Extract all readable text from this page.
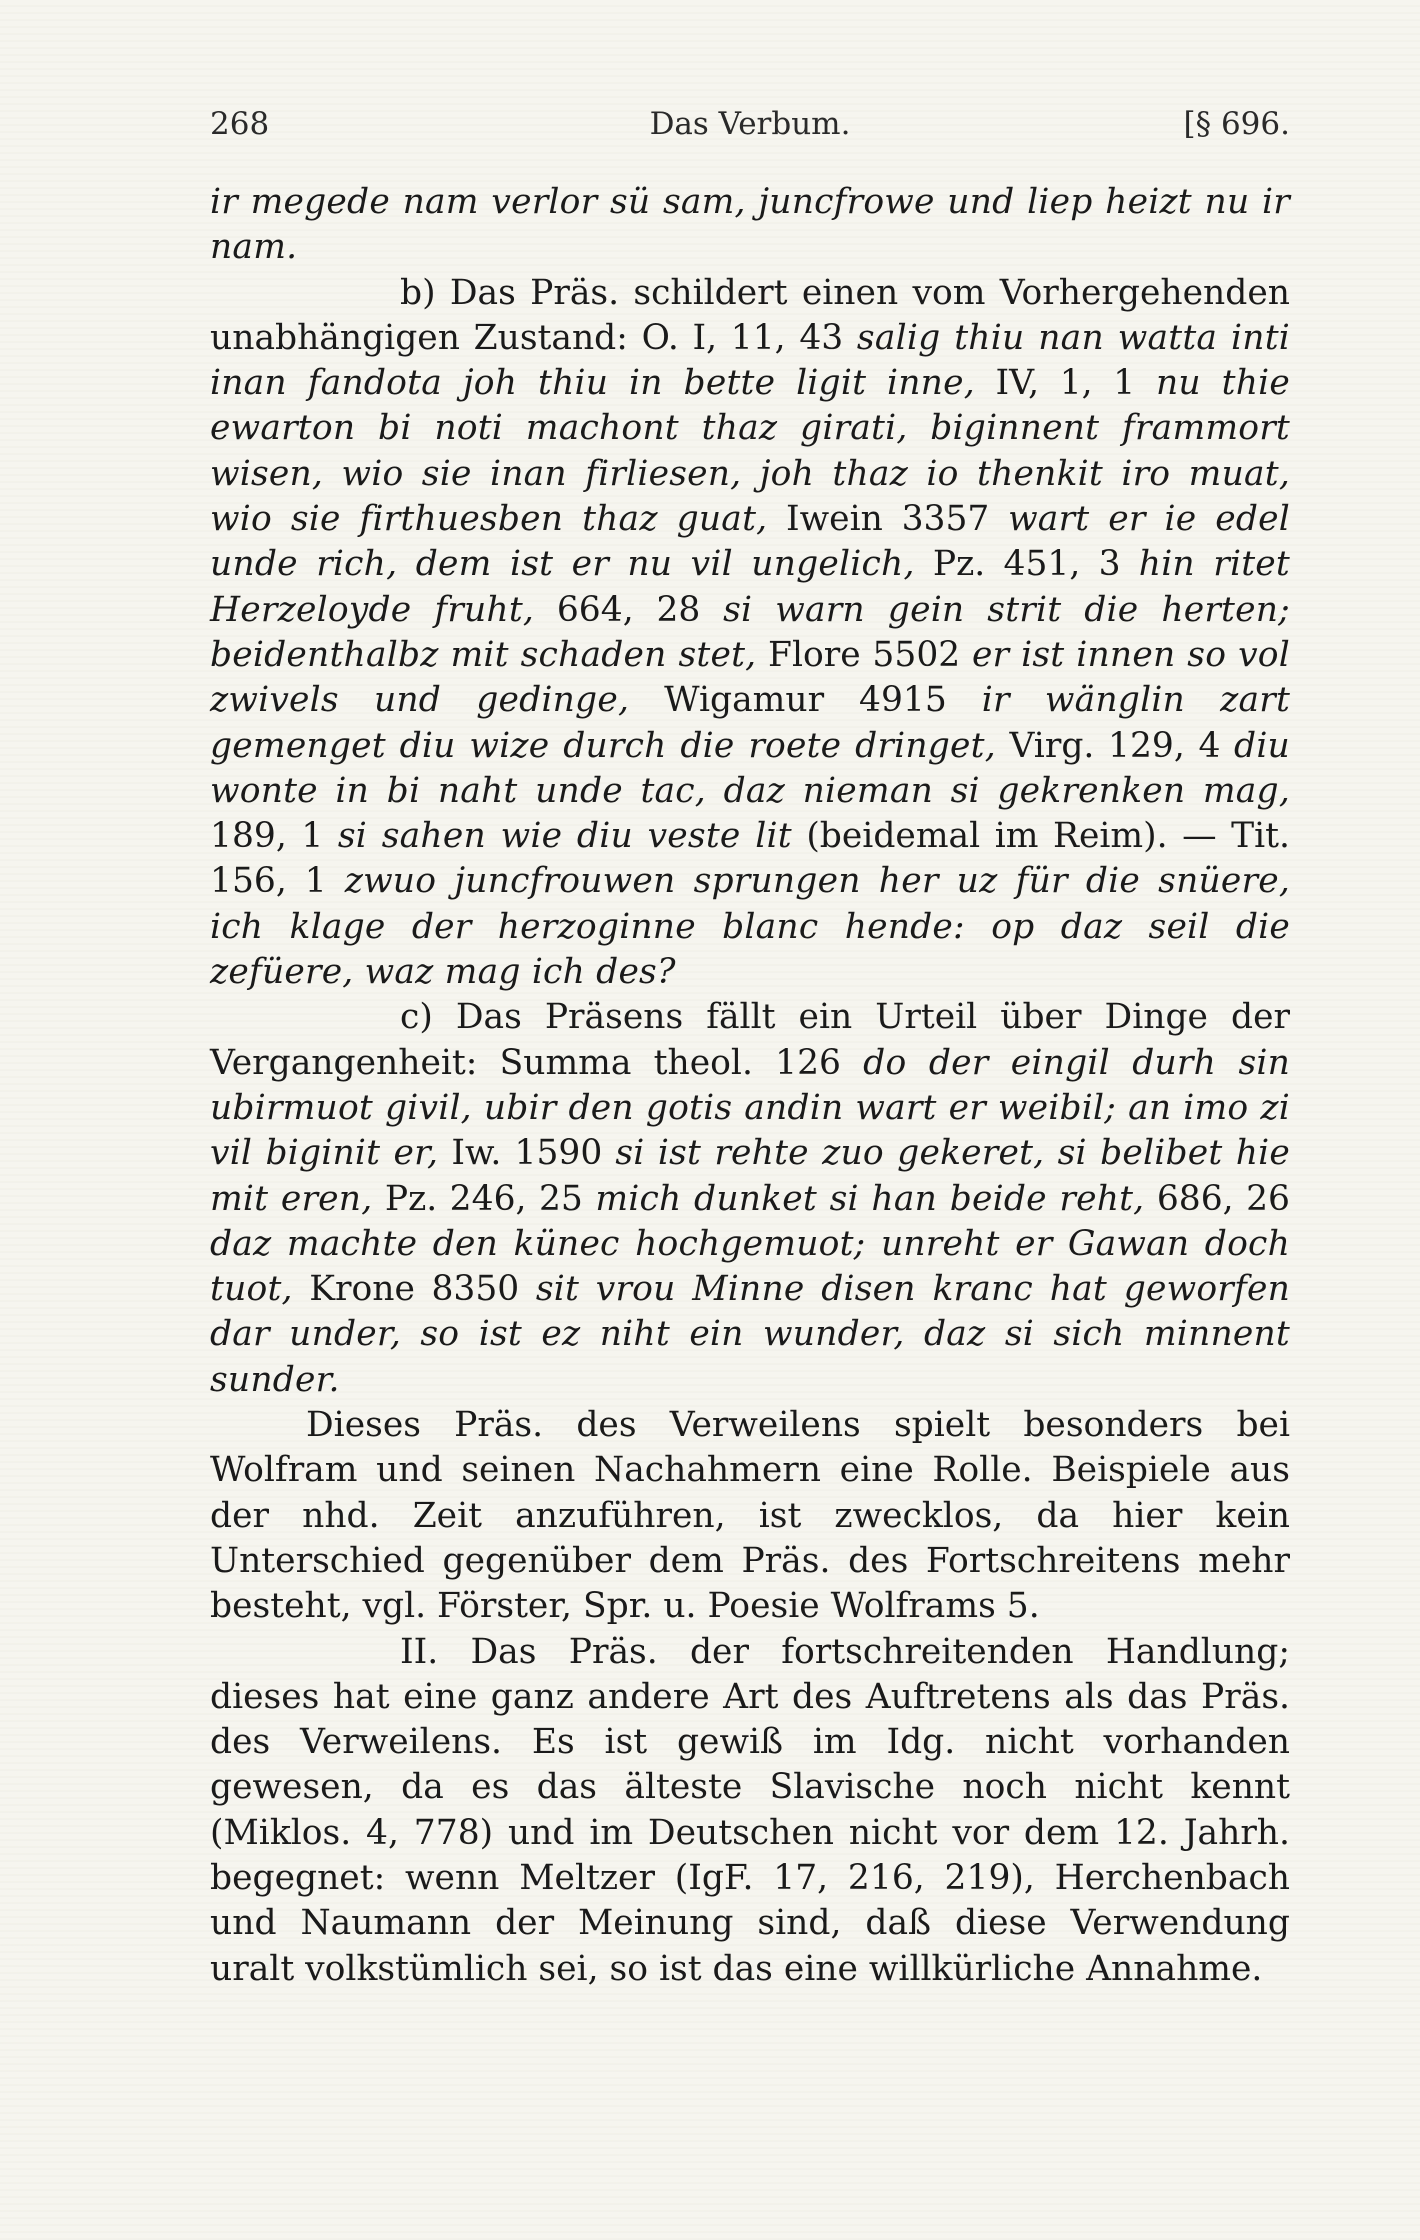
268	Das Verbum.	[§ 696.

ir megede nam verlor sü sam, juncfrowe und liep heizt nu ir nam.

b) Das Präs. schildert einen vom Vorhergehenden unabhängigen Zustand: O. I, 11, 43 salig thiu nan watta inti inan fandota joh thiu in bette ligit inne, IV, 1, 1 nu thie ewarton bi noti machont thaz girati, biginnent frammort wisen, wio sie inan firliesen, joh thaz io thenkit iro muat, wio sie firthuesben thaz guat, Iwein 3357 wart er ie edel unde rich, dem ist er nu vil ungelich, Pz. 451, 3 hin ritet Herzeloyde fruht, 664, 28 si warn gein strit die herten; beidenthalbz mit schaden stet, Flore 5502 er ist innen so vol zwivels und gedinge, Wigamur 4915 ir wänglin zart gemenget diu wize durch die roete dringet, Virg. 129, 4 diu wonte in bi naht unde tac, daz nieman si gekrenken mag, 189, 1 si sahen wie diu veste lit (beidemal im Reim). — Tit. 156, 1 zwuo juncfrouwen sprungen her uz für die snüere, ich klage der herzoginne blanc hende: op daz seil die zefüere, waz mag ich des?

c) Das Präsens fällt ein Urteil über Dinge der Vergangenheit: Summa theol. 126 do der eingil durh sin ubirmuot givil, ubir den gotis andin wart er weibil; an imo zi vil biginit er, Iw. 1590 si ist rehte zuo gekeret, si belibet hie mit eren, Pz. 246, 25 mich dunket si han beide reht, 686, 26 daz machte den künec hochgemuot; unreht er Gawan doch tuot, Krone 8350 sit vrou Minne disen kranc hat geworfen dar under, so ist ez niht ein wunder, daz si sich minnent sunder.

Dieses Präs. des Verweilens spielt besonders bei Wolfram und seinen Nachahmern eine Rolle. Beispiele aus der nhd. Zeit anzuführen, ist zwecklos, da hier kein Unterschied gegenüber dem Präs. des Fortschreitens mehr besteht, vgl. Förster, Spr. u. Poesie Wolframs 5.

II. Das Präs. der fortschreitenden Handlung; dieses hat eine ganz andere Art des Auftretens als das Präs. des Verweilens. Es ist gewiß im Idg. nicht vorhanden gewesen, da es das älteste Slavische noch nicht kennt (Miklos. 4, 778) und im Deutschen nicht vor dem 12. Jahrh. begegnet: wenn Meltzer (IgF. 17, 216, 219), Herchenbach und Naumann der Meinung sind, daß diese Verwendung uralt volkstümlich sei, so ist das eine willkürliche Annahme.
